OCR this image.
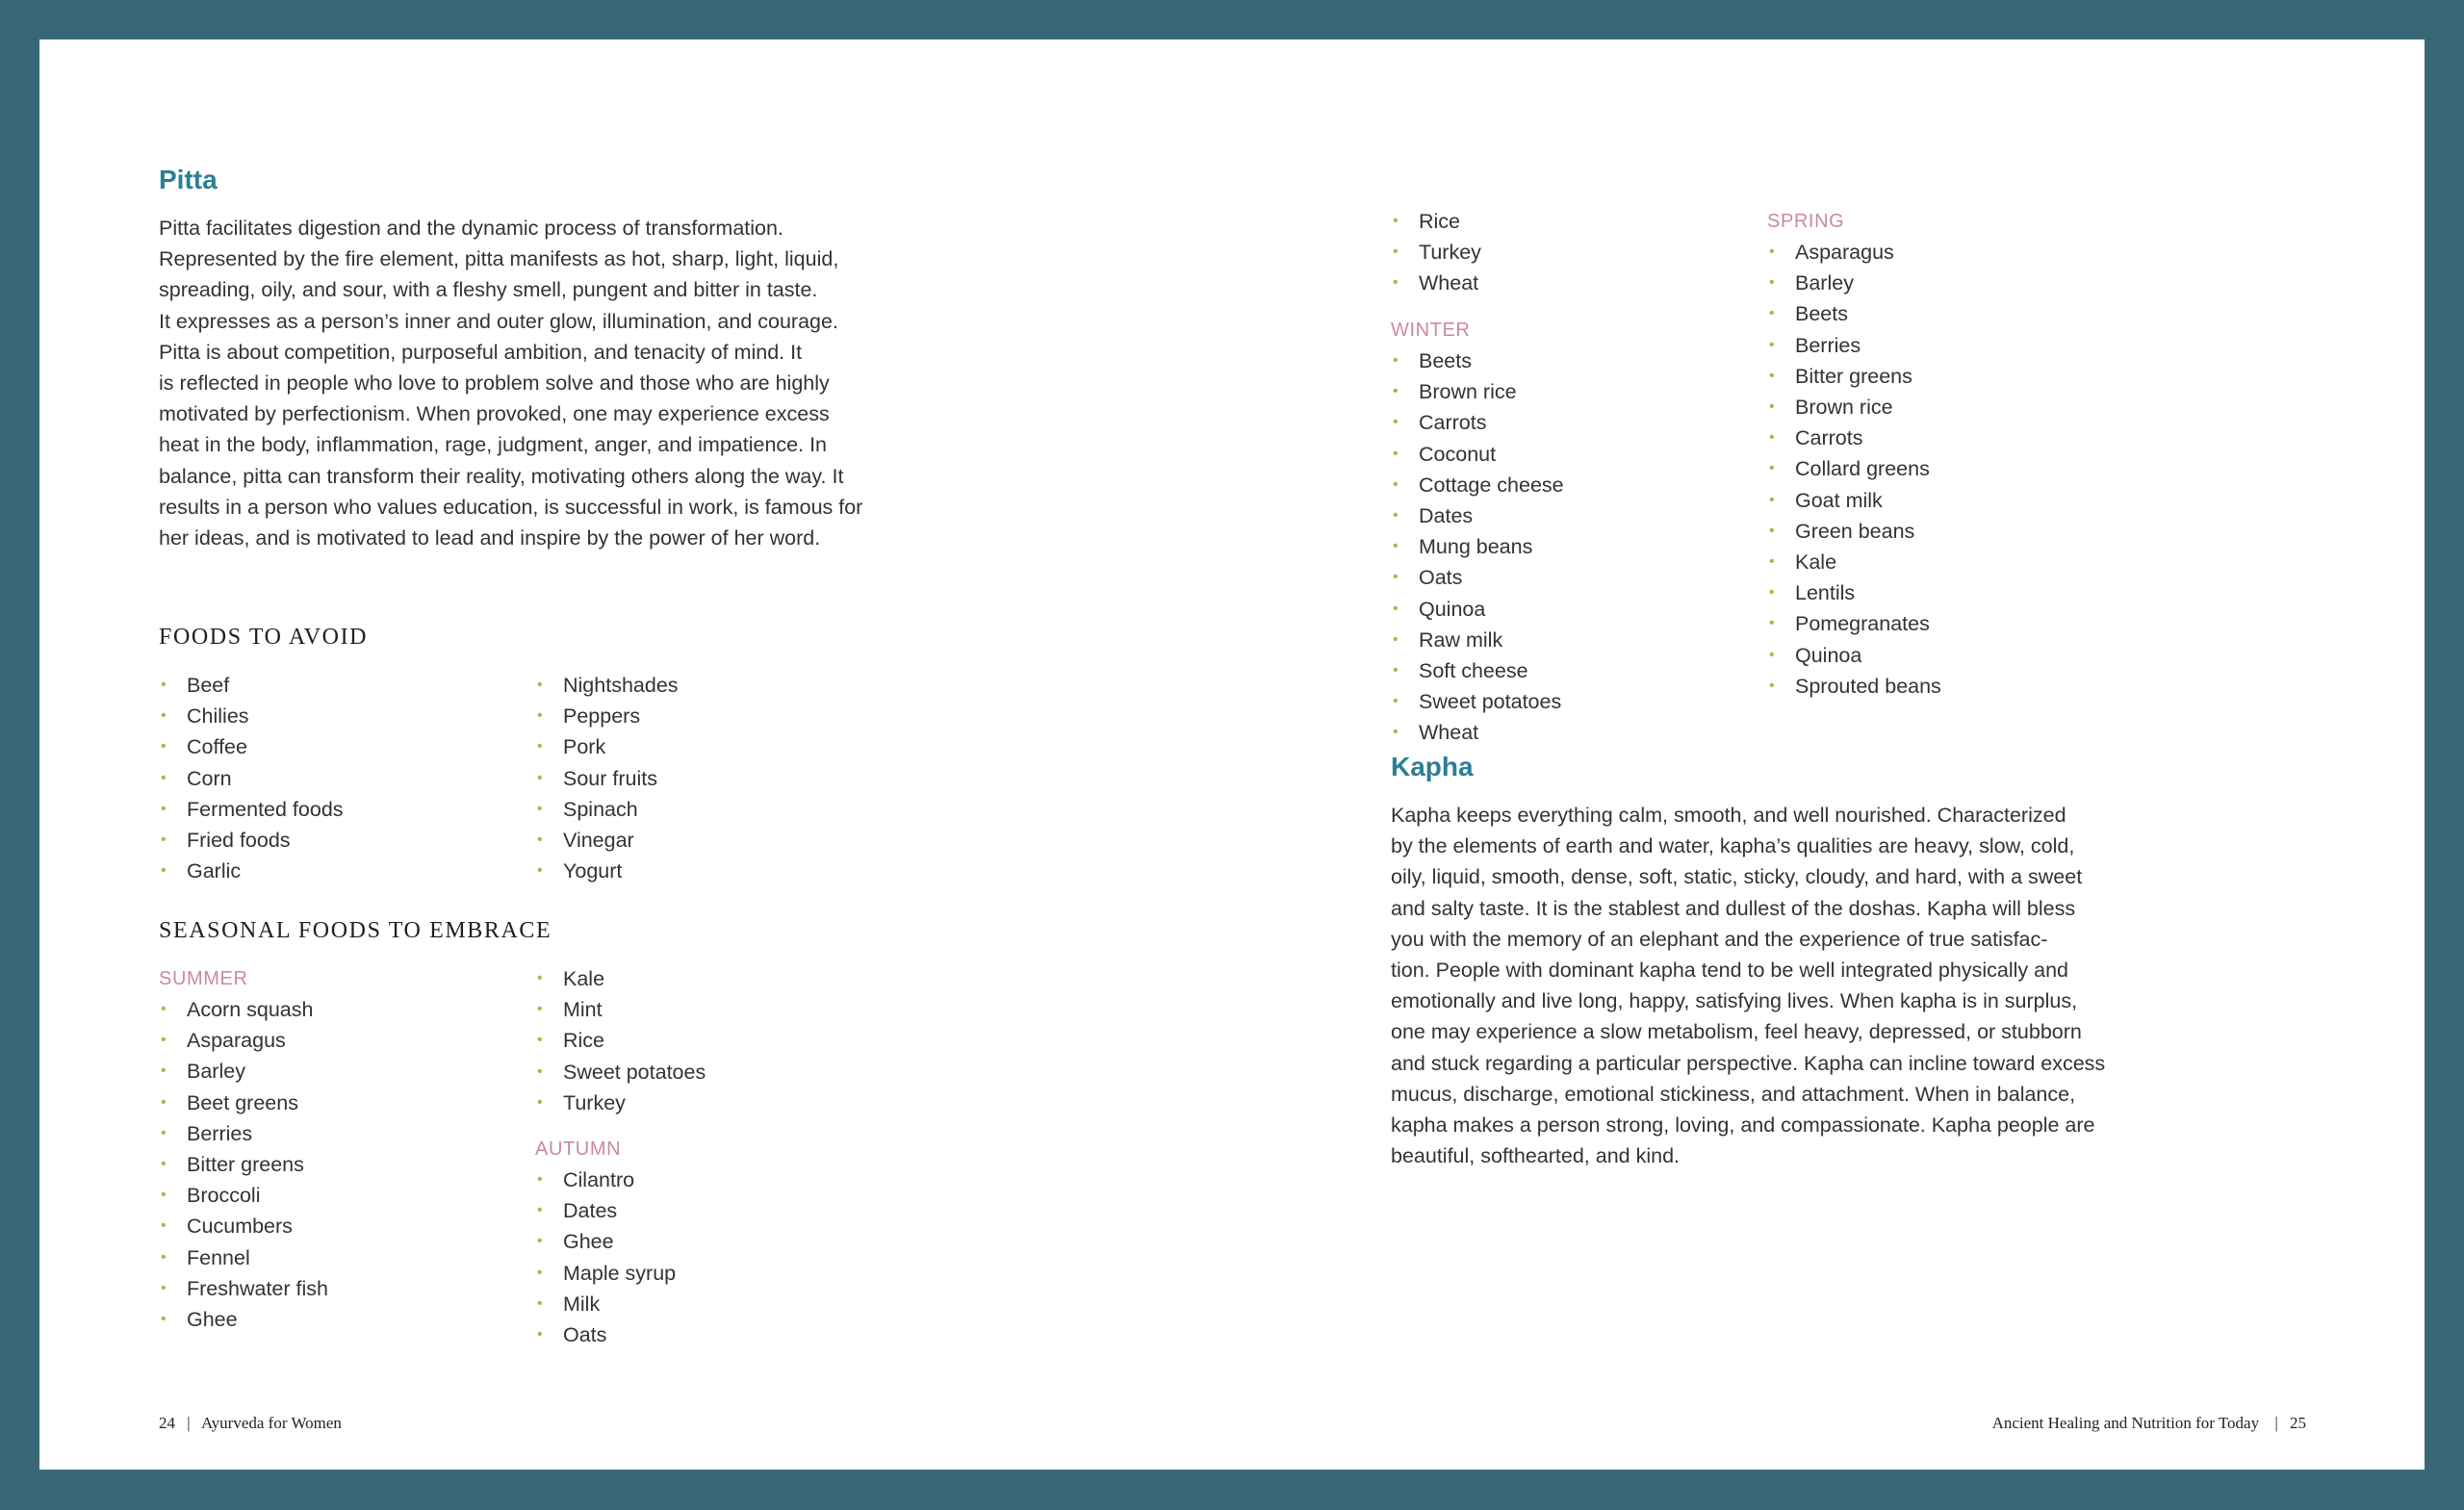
Pitta

Pitta facilitates digestion and the dynamic process of transformation.
Represented by the fire element, pitta manifests as hot, sharp, light, liquid,
spreading, oily, and sour, with a fleshy smell, pungent and bitter in taste.
It expresses as a person’s inner and outer glow, illumination, and courage.
Pitta is about competition, purposeful ambition, and tenacity of mind. It
is reflected in people who love to problem solve and those who are highly
motivated by perfectionism. When provoked, one may experience excess
heat in the body, inflammation, rage, judgment, anger, and impatience. In
balance, pitta can transform their reality, motivating others along the way. It
results in a person who values education, is successful in work, is famous for
her ideas, and is motivated to lead and inspire by the power of her word.

FOODS TO AVOID
• Beef
• Chilies
• Coffee
• Corn
• Fermented foods
• Fried foods
• Garlic
• Nightshades
• Peppers
• Pork
• Sour fruits
• Spinach
• Vinegar
• Yogurt
SEASONAL FOODS TO EMBRACE
SUMMER
• Acorn squash
• Asparagus
• Barley
• Beet greens
• Berries
• Bitter greens
• Broccoli
• Cucumbers
• Fennel
• Freshwater fish
• Ghee
• Kale
• Mint
• Rice
• Sweet potatoes
• Turkey
AUTUMN
• Cilantro
• Dates
• Ghee
• Maple syrup
• Milk
• Oats
24 | Ayurveda for Women
• Rice
• Turkey
• Wheat
WINTER
• Beets
• Brown rice
• Carrots
• Coconut
• Cottage cheese
• Dates
• Mung beans
• Oats
• Quinoa
• Raw milk
• Soft cheese
• Sweet potatoes
• Wheat
SPRING
• Asparagus
• Barley
• Beets
• Berries
• Bitter greens
• Brown rice
• Carrots
• Collard greens
• Goat milk
• Green beans
• Kale
• Lentils
• Pomegranates
• Quinoa
• Sprouted beans
Kapha

Kapha keeps everything calm, smooth, and well nourished. Characterized
by the elements of earth and water, kapha’s qualities are heavy, slow, cold,
oily, liquid, smooth, dense, soft, static, sticky, cloudy, and hard, with a sweet
and salty taste. It is the stablest and dullest of the doshas. Kapha will bless
you with the memory of an elephant and the experience of true satisfac-
tion. People with dominant kapha tend to be well integrated physically and
emotionally and live long, happy, satisfying lives. When kapha is in surplus,
one may experience a slow metabolism, feel heavy, depressed, or stubborn
and stuck regarding a particular perspective. Kapha can incline toward excess
mucus, discharge, emotional stickiness, and attachment. When in balance,
kapha makes a person strong, loving, and compassionate. Kapha people are
beautiful, softhearted, and kind.

Ancient Healing and Nutrition for Today | 25
